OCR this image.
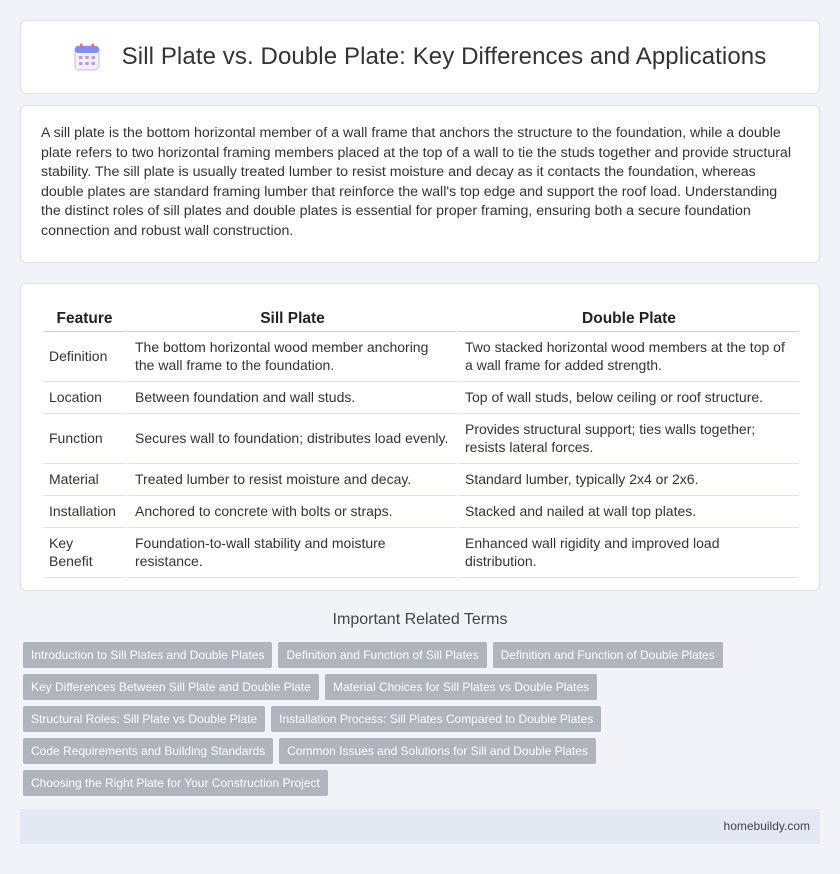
Sill Plate vs. Double Plate: Key Differences and Applications

A sill plate is the bottom horizontal member of a wall frame that anchors the structure to the foundation, while a double plate refers to two horizontal framing members placed at the top of a wall to tie the studs together and provide structural stability. The sill plate is usually treated lumber to resist moisture and decay as it contacts the foundation, whereas double plates are standard framing lumber that reinforce the wall's top edge and support the roof load. Understanding the distinct roles of sill plates and double plates is essential for proper framing, ensuring both a secure foundation connection and robust wall construction.

Feature	Sill Plate	Double Plate
Definition	The bottom horizontal wood member anchoring the wall frame to the foundation.	Two stacked horizontal wood members at the top of a wall frame for added strength.
Location	Between foundation and wall studs.	Top of wall studs, below ceiling or roof structure.
Function	Secures wall to foundation; distributes load evenly.	Provides structural support; ties walls together; resists lateral forces.
Material	Treated lumber to resist moisture and decay.	Standard lumber, typically 2x4 or 2x6.
Installation	Anchored to concrete with bolts or straps.	Stacked and nailed at wall top plates.
Key Benefit	Foundation-to-wall stability and moisture resistance.	Enhanced wall rigidity and improved load distribution.
Important Related Terms
Introduction to Sill Plates and Double Plates	Definition and Function of Sill Plates	Definition and Function of Double Plates
Key Differences Between Sill Plate and Double Plate	Material Choices for Sill Plates vs Double Plates
Structural Roles: Sill Plate vs Double Plate	Installation Process: Sill Plates Compared to Double Plates
Code Requirements and Building Standards	Common Issues and Solutions for Sill and Double Plates
Choosing the Right Plate for Your Construction Project
homebuildy.com
